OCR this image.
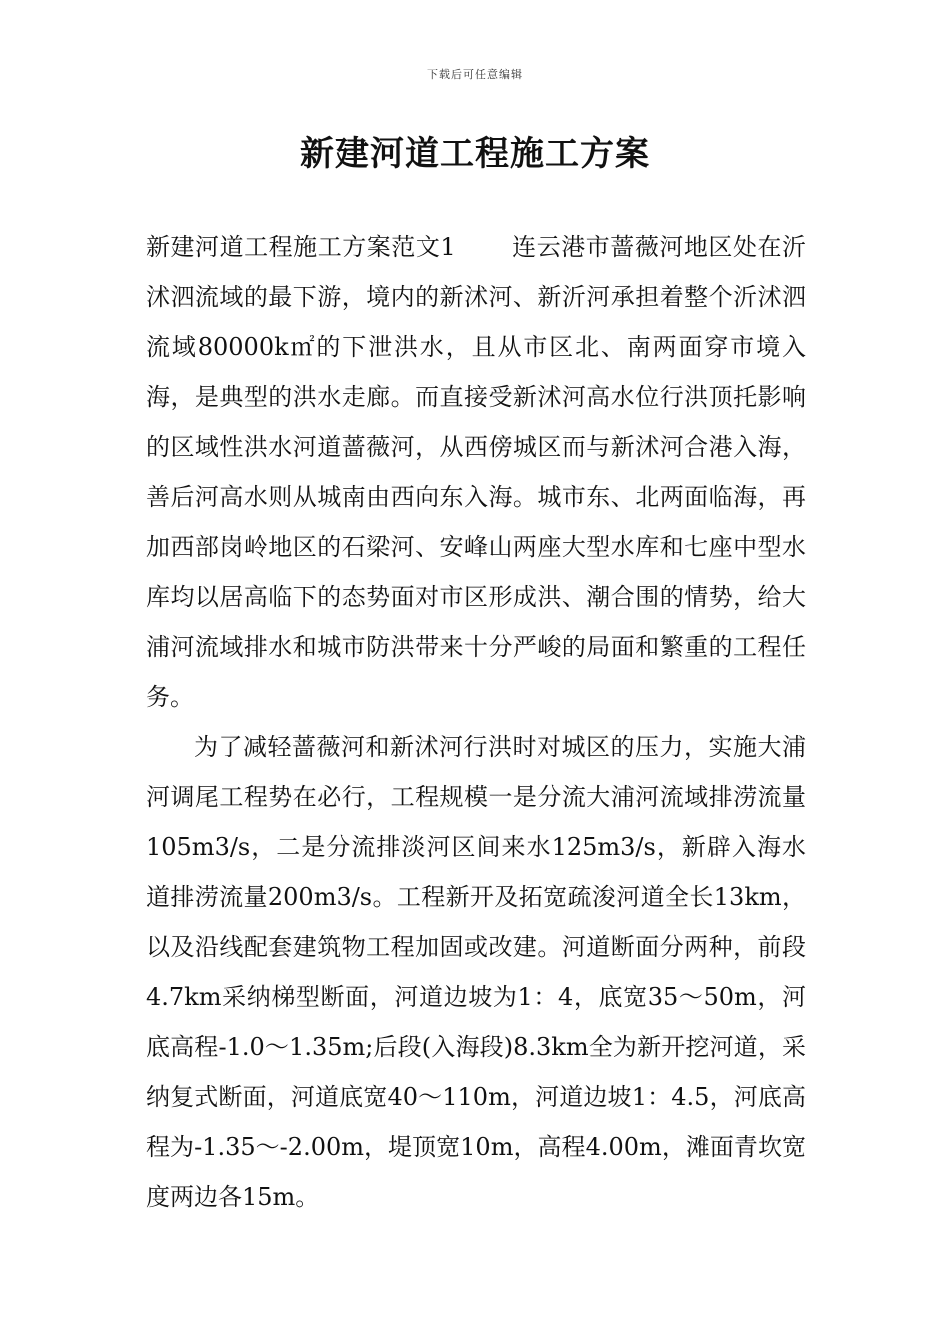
下载后可任意编辑
新建河道工程施工方案

新建河道工程施工方案范文1 连云港市蔷薇河地区处在沂沭泗流域的最下游，境内的新沭河、新沂河承担着整个沂沭泗流域80000k㎡的下泄洪水，且从市区北、南两面穿市境入海，是典型的洪水走廊。而直接受新沭河高水位行洪顶托影响的区域性洪水河道蔷薇河，从西傍城区而与新沭河合港入海，善后河高水则从城南由西向东入海。城市东、北两面临海，再加西部岗岭地区的石梁河、安峰山两座大型水库和七座中型水库均以居高临下的态势面对市区形成洪、潮合围的情势，给大浦河流域排水和城市防洪带来十分严峻的局面和繁重的工程任务。

为了减轻蔷薇河和新沭河行洪时对城区的压力，实施大浦河调尾工程势在必行，工程规模一是分流大浦河流域排涝流量105m3/s，二是分流排淡河区间来水125m3/s，新辟入海水道排涝流量200m3/s。工程新开及拓宽疏浚河道全长13km，以及沿线配套建筑物工程加固或改建。河道断面分两种，前段4.7km采纳梯型断面，河道边坡为1：4，底宽35～50m，河底高程-1.0～1.35m;后段(入海段)8.3km全为新开挖河道，采纳复式断面，河道底宽40～110m，河道边坡1：4.5，河底高程为-1.35～-2.00m，堤顶宽10m，高程4.00m，滩面青坎宽度两边各15m。
